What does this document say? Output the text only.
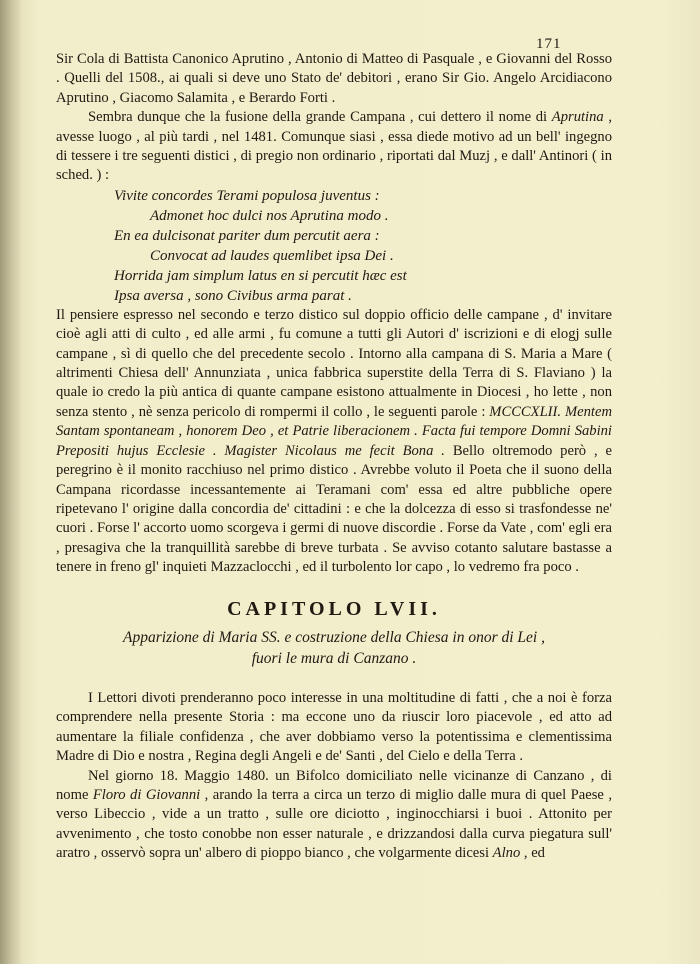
171

Sir Cola di Battista Canonico Aprutino , Antonio di Matteo di Pasquale , e Giovanni del Rosso . Quelli del 1508., ai quali si deve uno Stato de' debitori , erano Sir Gio. Angelo Arcidiacono Aprutino , Giacomo Salamita , e Berardo Forti .

Sembra dunque che la fusione della grande Campana , cui dettero il nome di Aprutina , avesse luogo , al più tardi , nel 1481. Comunque siasi , essa diede motivo ad un bell' ingegno di tessere i tre seguenti distici , di pregio non ordinario , riportati dal Muzj , e dall' Antinori ( in sched. ) :

Vivite concordes Terami populosa juventus :
Admonet hoc dulci nos Aprutina modo .
En ea dulcisonat pariter dum percutit aera :
Convocat ad laudes quemlibet ipsa Dei .
Horrida jam simplum latus en si percutit hæc est
Ipsa aversa , sono Civibus arma parat .

Il pensiere espresso nel secondo e terzo distico sul doppio officio delle campane , d' invitare cioè agli atti di culto , ed alle armi , fu comune a tutti gli Autori d' iscrizioni e di elogj sulle campane , sì di quello che del precedente secolo . Intorno alla campana di S. Maria a Mare ( altrimenti Chiesa dell' Annunziata , unica fabbrica superstite della Terra di S. Flaviano ) la quale io credo la più antica di quante campane esistono attualmente in Diocesi , ho lette , non senza stento , nè senza pericolo di rompermi il collo , le seguenti parole : MCCCXLII. Mentem Santam spontaneam , honorem Deo , et Patrie liberacionem . Facta fui tempore Domni Sabini Prepositi hujus Ecclesie . Magister Nicolaus me fecit Bona . Bello oltremodo però , e peregrino è il monito racchiuso nel primo distico . Avrebbe voluto il Poeta che il suono della Campana ricordasse incessantemente ai Teramani com' essa ed altre pubbliche opere ripetevano l' origine dalla concordia de' cittadini : e che la dolcezza di esso si trasfondesse ne' cuori . Forse l' accorto uomo scorgeva i germi di nuove discordie . Forse da Vate , com' egli era , presagiva che la tranquillità sarebbe di breve turbata . Se avviso cotanto salutare bastasse a tenere in freno gl' inquieti Mazzaclocchi , ed il turbolento lor capo , lo vedremo fra poco .

CAPITOLO LVII.
Apparizione di Maria SS. e costruzione della Chiesa in onor di Lei ,
fuori le mura di Canzano .

I Lettori divoti prenderanno poco interesse in una moltitudine di fatti , che a noi è forza comprendere nella presente Storia : ma eccone uno da riuscir loro piacevole , ed atto ad aumentare la filiale confidenza , che aver dobbiamo verso la potentissima e clementissima Madre di Dio e nostra , Regina degli Angeli e de' Santi , del Cielo e della Terra .

Nel giorno 18. Maggio 1480. un Bifolco domiciliato nelle vicinanze di Canzano , di nome Floro di Giovanni , arando la terra a circa un terzo di miglio dalle mura di quel Paese , verso Libeccio , vide a un tratto , sulle ore diciotto , inginocchiarsi i buoi . Attonito per avvenimento , che tosto conobbe non esser naturale , e drizzandosi dalla curva piegatura sull' aratro , osservò sopra un' albero di pioppo bianco , che volgarmente dicesi Alno , ed
